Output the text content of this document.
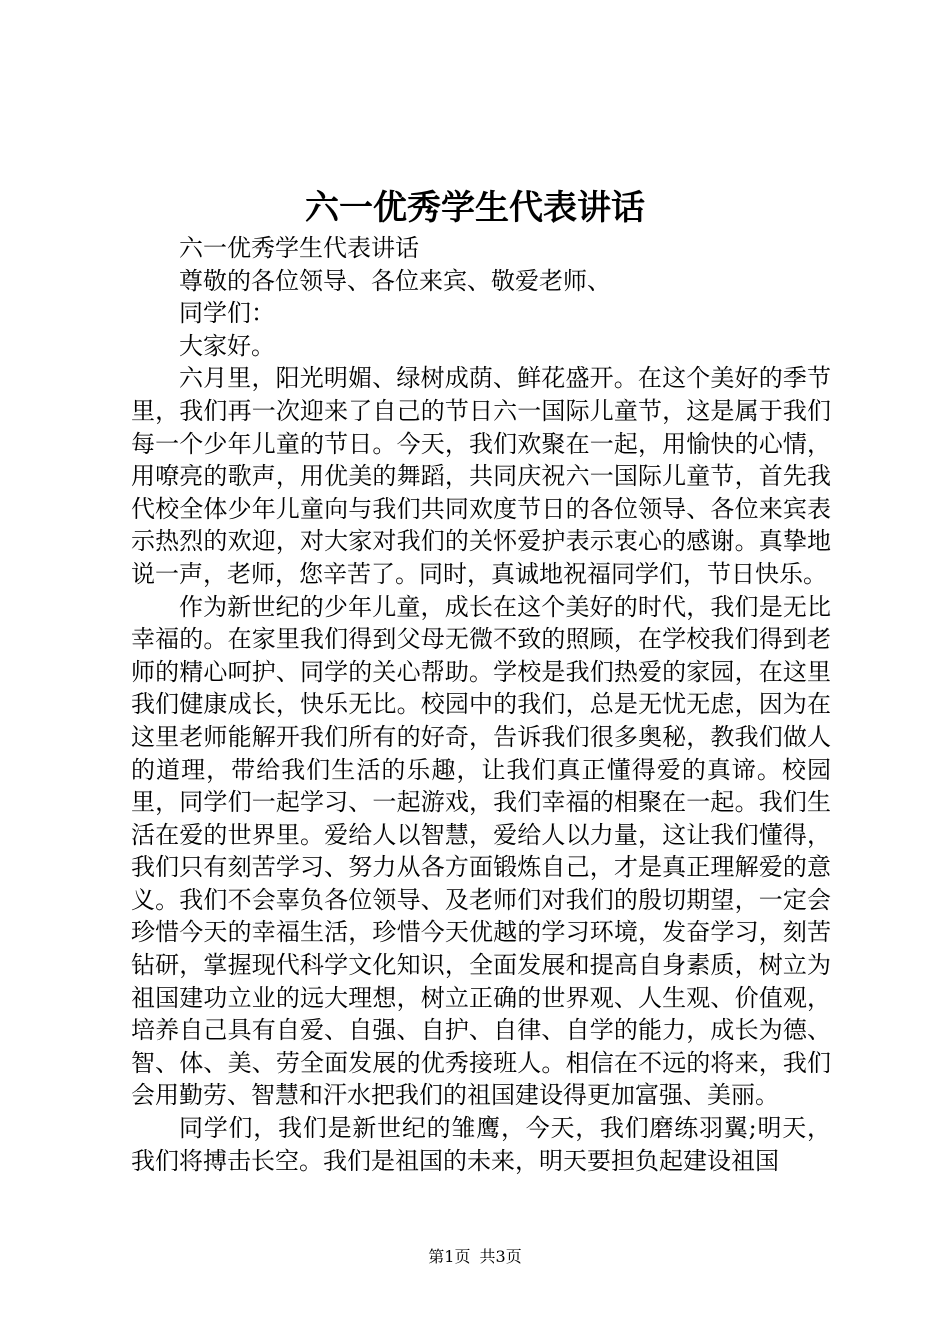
六一优秀学生代表讲话

六一优秀学生代表讲话

尊敬的各位领导、各位来宾、敬爱老师、

同学们：

大家好。

六月里，阳光明媚、绿树成荫、鲜花盛开。在这个美好的季节里，我们再一次迎来了自己的节日六一国际儿童节，这是属于我们每一个少年儿童的节日。今天，我们欢聚在一起，用愉快的心情，用嘹亮的歌声，用优美的舞蹈，共同庆祝六一国际儿童节，首先我代校全体少年儿童向与我们共同欢度节日的各位领导、各位来宾表示热烈的欢迎，对大家对我们的关怀爱护表示衷心的感谢。真挚地说一声，老师，您辛苦了。同时，真诚地祝福同学们，节日快乐。

作为新世纪的少年儿童，成长在这个美好的时代，我们是无比幸福的。在家里我们得到父母无微不致的照顾，在学校我们得到老师的精心呵护、同学的关心帮助。学校是我们热爱的家园，在这里我们健康成长，快乐无比。校园中的我们，总是无忧无虑，因为在这里老师能解开我们所有的好奇，告诉我们很多奥秘，教我们做人的道理，带给我们生活的乐趣，让我们真正懂得爱的真谛。校园里，同学们一起学习、一起游戏，我们幸福的相聚在一起。我们生活在爱的世界里。爱给人以智慧，爱给人以力量，这让我们懂得，我们只有刻苦学习、努力从各方面锻炼自己，才是真正理解爱的意义。我们不会辜负各位领导、及老师们对我们的殷切期望，一定会珍惜今天的幸福生活，珍惜今天优越的学习环境，发奋学习，刻苦钻研，掌握现代科学文化知识，全面发展和提高自身素质，树立为祖国建功立业的远大理想，树立正确的世界观、人生观、价值观，培养自己具有自爱、自强、自护、自律、自学的能力，成长为德、智、体、美、劳全面发展的优秀接班人。相信在不远的将来，我们会用勤劳、智慧和汗水把我们的祖国建设得更加富强、美丽。

同学们，我们是新世纪的雏鹰，今天，我们磨练羽翼;明天，我们将搏击长空。我们是祖国的未来，明天要担负起建设祖国

第1页 共3页
